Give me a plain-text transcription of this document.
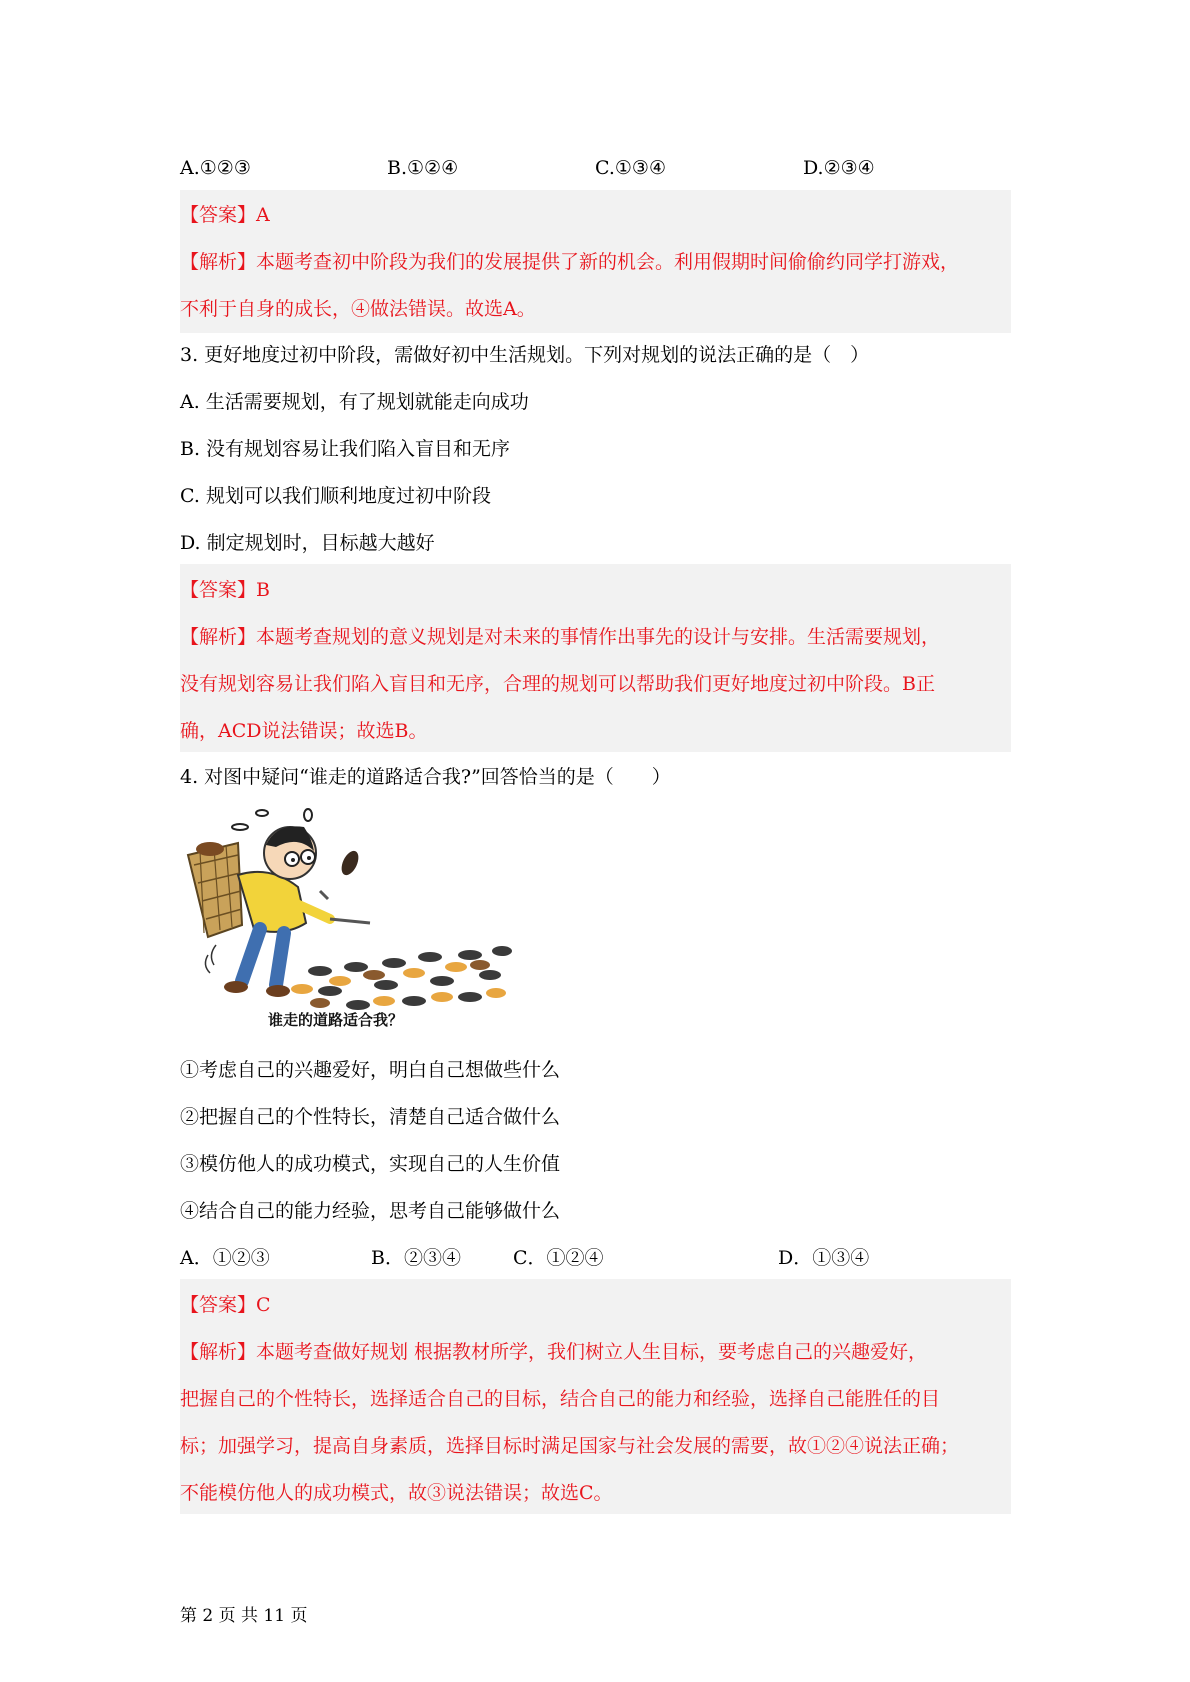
A.①②③	B.①②④	C.①③④	D.②③④
【答案】A
【解析】本题考查初中阶段为我们的发展提供了新的机会。利用假期时间偷偷约同学打游戏，
不利于自身的成长，④做法错误。故选A。
3. 更好地度过初中阶段，需做好初中生活规划。下列对规划的说法正确的是（　）
A. 生活需要规划，有了规划就能走向成功
B. 没有规划容易让我们陷入盲目和无序
C. 规划可以我们顺利地度过初中阶段
D. 制定规划时，目标越大越好
【答案】B
【解析】本题考查规划的意义规划是对未来的事情作出事先的设计与安排。生活需要规划，
没有规划容易让我们陷入盲目和无序，合理的规划可以帮助我们更好地度过初中阶段。B正
确，ACD说法错误；故选B。
4. 对图中疑问“谁走的道路适合我?”回答恰当的是（　　）
谁走的道路适合我？
①考虑自己的兴趣爱好，明白自己想做些什么
②把握自己的个性特长，清楚自己适合做什么
③模仿他人的成功模式，实现自己的人生价值
④结合自己的能力经验，思考自己能够做什么
A．①②③	B．②③④	C．①②④	D．①③④
【答案】C
【解析】本题考查做好规划 根据教材所学，我们树立人生目标，要考虑自己的兴趣爱好，
把握自己的个性特长，选择适合自己的目标，结合自己的能力和经验，选择自己能胜任的目
标；加强学习，提高自身素质，选择目标时满足国家与社会发展的需要，故①②④说法正确；
不能模仿他人的成功模式，故③说法错误；故选C。
第 2 页 共 11 页
